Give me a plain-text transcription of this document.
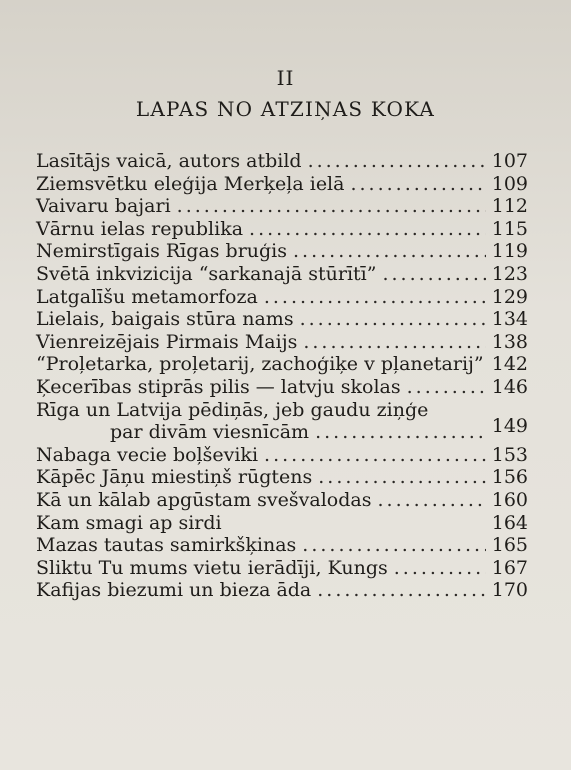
II
LAPAS NO ATZIŅAS KOKA
Lasītājs vaicā, autors atbild .....	107
Ziemsvētku eleģija Merķeļa ielā .....	109
Vaivaru bajari .....	112
Vārnu ielas republika .....	115
Nemirstīgais Rīgas bruģis .....	119
Svētā inkvizicija “sarkanajā stūrītī” .....	123
Latgalīšu metamorfoza .....	129
Lielais, baigais stūra nams .....	134
Vienreizējais Pirmais Maijs .....	138
“Proļetarka, proļetarij, zachoģiķe v pļanetarij” ..... 142
Ķecerības stiprās pilis — latvju skolas .....	146
Rīga un Latvija pēdiņās, jeb gaudu ziņģe
par divām viesnīcām .....	149
Nabaga vecie boļševiki .....	153
Kāpēc Jāņu miestiņš rūgtens .....	156
Kā un kālab apgūstam svešvalodas .....	160
Kam smagi ap sirdi	164
Mazas tautas samirkšķinas .....	165
Sliktu Tu mums vietu ierādīji, Kungs .....	167
Kafijas biezumi un bieza āda .....	170
